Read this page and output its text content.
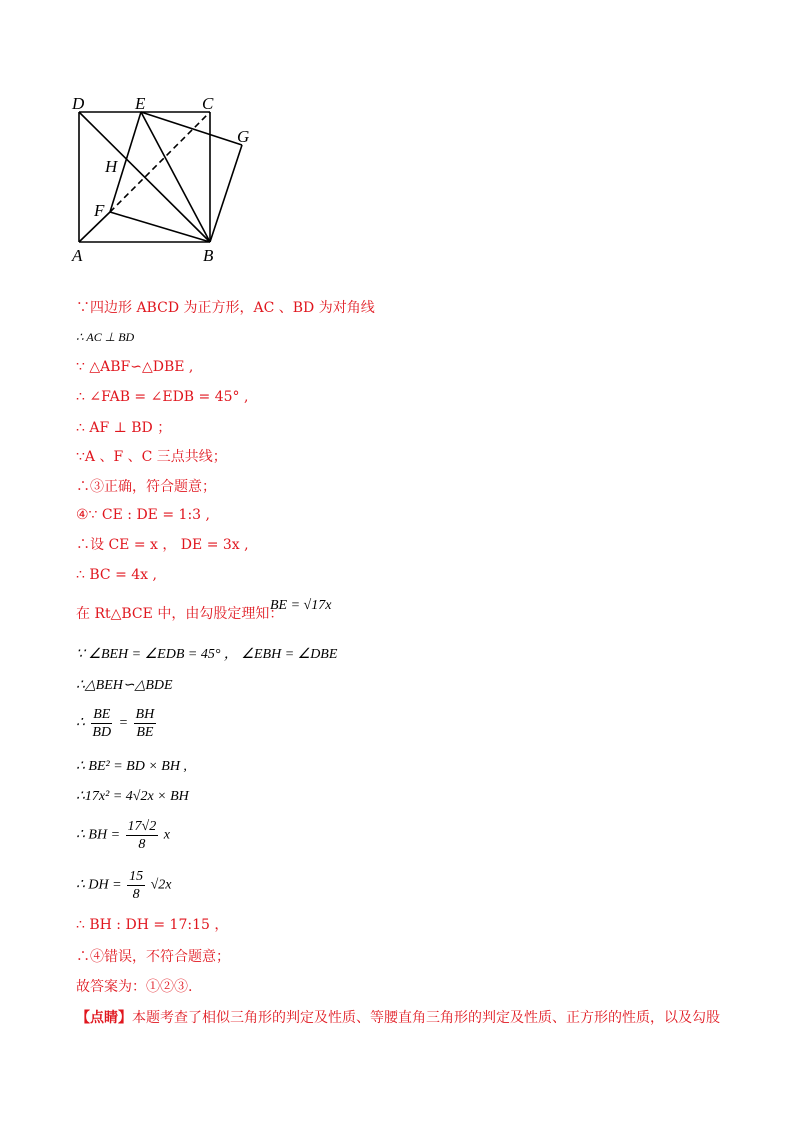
D	E	C
G
H
F
A	B
∵四边形 ABCD 为正方形，AC 、BD 为对角线
∴ AC ⊥ BD
∵ △ABF∽△DBE ,
∴ ∠FAB = ∠EDB = 45° ,
∴ AF ⊥ BD ；
∵A 、F 、C 三点共线；
∴③正确，符合题意；
④∵ CE : DE = 1:3 ,
∴设 CE = x ， DE = 3x ,
∴ BC = 4x ,
在 Rt△BCE 中，由勾股定理知：
BE = √17x
∵ ∠BEH = ∠EDB = 45° ， ∠EBH = ∠DBE
∴△BEH∽△BDE
∴ $\frac{BE}{BD} = \frac{BH}{BE}$
∴ BE² = BD × BH ,
∴17x² = 4√2x × BH
∴ BH = $\frac{17√2}{8}$ x
∴ DH = $\frac{15}{8} √2x$
∴ BH : DH = 17:15 ，
∴④错误，不符合题意；
故答案为：①②③.
【点睛】本题考查了相似三角形的判定及性质、等腰直角三角形的判定及性质、正方形的性质，以及勾股
